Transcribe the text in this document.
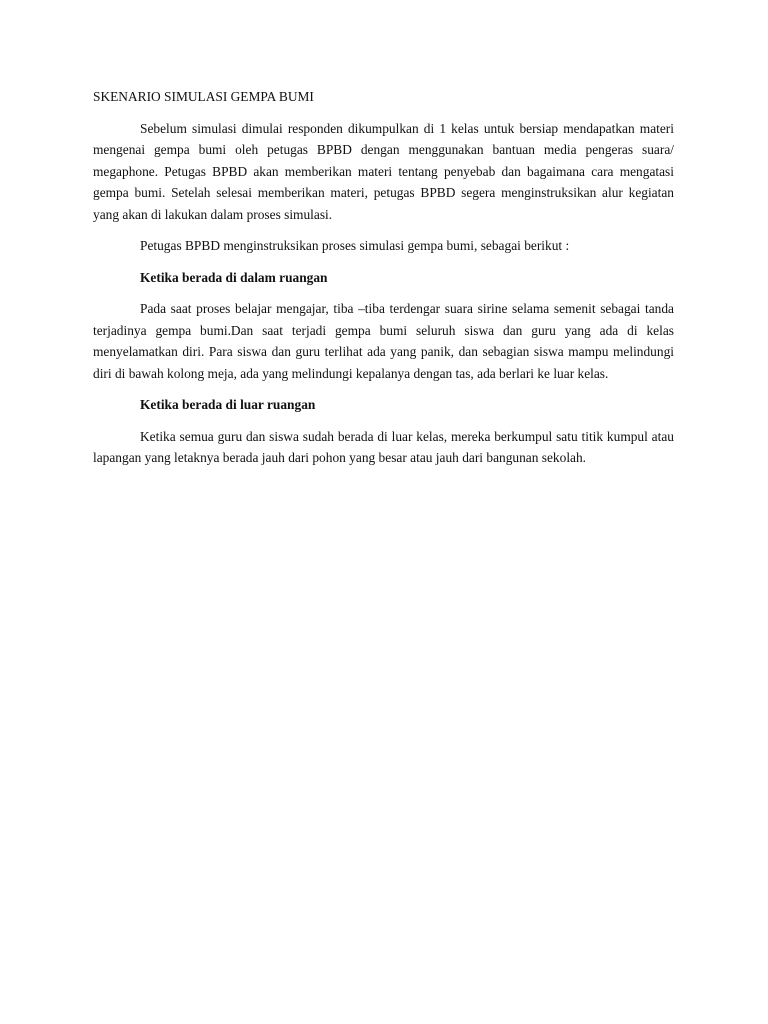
SKENARIO SIMULASI GEMPA BUMI

Sebelum simulasi dimulai responden dikumpulkan di 1 kelas untuk bersiap mendapatkan materi mengenai gempa bumi oleh petugas BPBD dengan menggunakan bantuan media pengeras suara/ megaphone. Petugas BPBD akan memberikan materi tentang penyebab dan bagaimana cara mengatasi gempa bumi. Setelah selesai memberikan materi, petugas BPBD segera menginstruksikan alur kegiatan yang akan di lakukan dalam proses simulasi.

Petugas BPBD menginstruksikan proses simulasi gempa bumi, sebagai berikut :

Ketika berada di dalam ruangan

Pada saat proses belajar mengajar, tiba –tiba terdengar suara sirine selama semenit sebagai tanda terjadinya gempa bumi.Dan saat terjadi gempa bumi seluruh siswa dan guru yang ada di kelas menyelamatkan diri. Para siswa dan guru terlihat ada yang panik, dan sebagian siswa mampu melindungi diri di bawah kolong meja, ada yang melindungi kepalanya dengan tas, ada berlari ke luar kelas.

Ketika berada di luar ruangan

Ketika semua guru dan siswa sudah berada di luar kelas, mereka berkumpul satu titik kumpul atau lapangan yang letaknya berada jauh dari pohon yang besar atau jauh dari bangunan sekolah.
